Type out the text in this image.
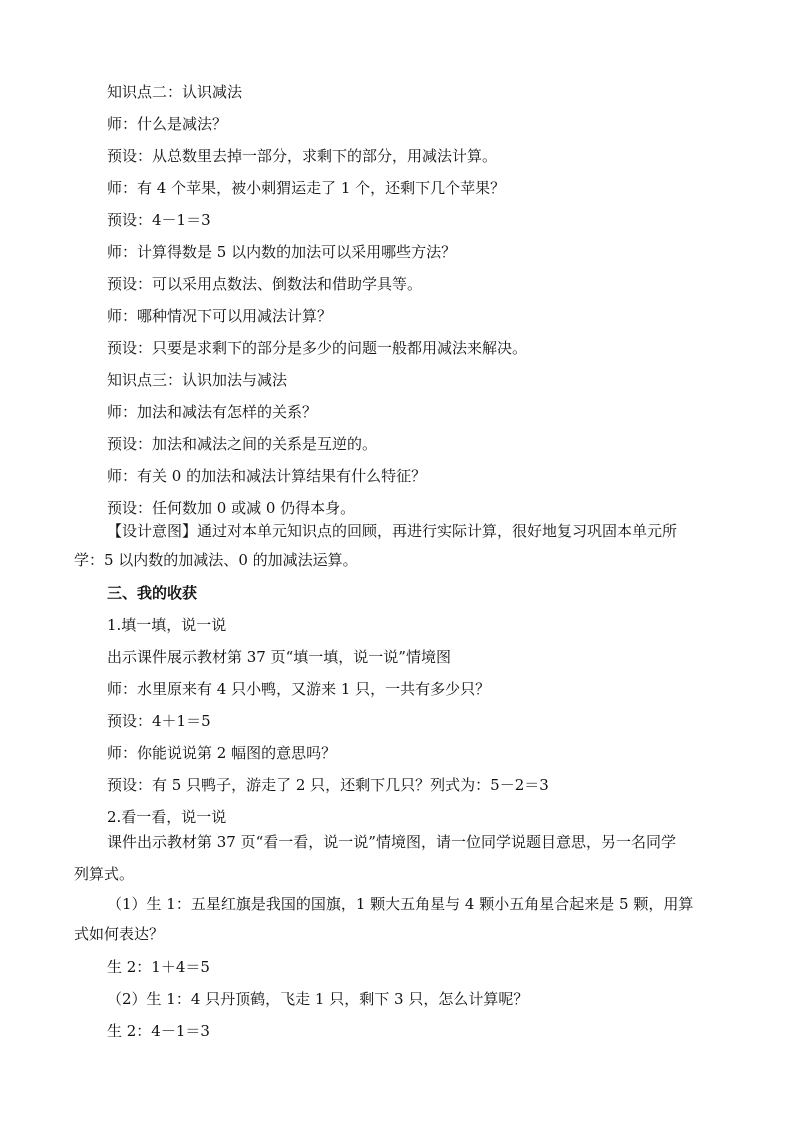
知识点二：认识减法
师：什么是减法？
预设：从总数里去掉一部分，求剩下的部分，用减法计算。
师：有 4 个苹果，被小刺猬运走了 1 个，还剩下几个苹果？
预设：4－1＝3
师：计算得数是 5 以内数的加法可以采用哪些方法？
预设：可以采用点数法、倒数法和借助学具等。
师：哪种情况下可以用减法计算？
预设：只要是求剩下的部分是多少的问题一般都用减法来解决。
知识点三：认识加法与减法
师：加法和减法有怎样的关系？
预设：加法和减法之间的关系是互逆的。
师：有关 0 的加法和减法计算结果有什么特征？
预设：任何数加 0 或减 0 仍得本身。
【设计意图】通过对本单元知识点的回顾，再进行实际计算，很好地复习巩固本单元所
学：5 以内数的加减法、0 的加减法运算。
三、我的收获
1.填一填，说一说
出示课件展示教材第 37 页“填一填，说一说”情境图
师：水里原来有 4 只小鸭，又游来 1 只，一共有多少只？
预设：4＋1＝5
师：你能说说第 2 幅图的意思吗？
预设：有 5 只鸭子，游走了 2 只，还剩下几只？列式为：5－2＝3
2.看一看，说一说
课件出示教材第 37 页“看一看，说一说”情境图，请一位同学说题目意思，另一名同学
列算式。
（1）生 1：五星红旗是我国的国旗，1 颗大五角星与 4 颗小五角星合起来是 5 颗，用算
式如何表达？
生 2：1＋4＝5
（2）生 1：4 只丹顶鹤，飞走 1 只，剩下 3 只，怎么计算呢？
生 2：4－1＝3
